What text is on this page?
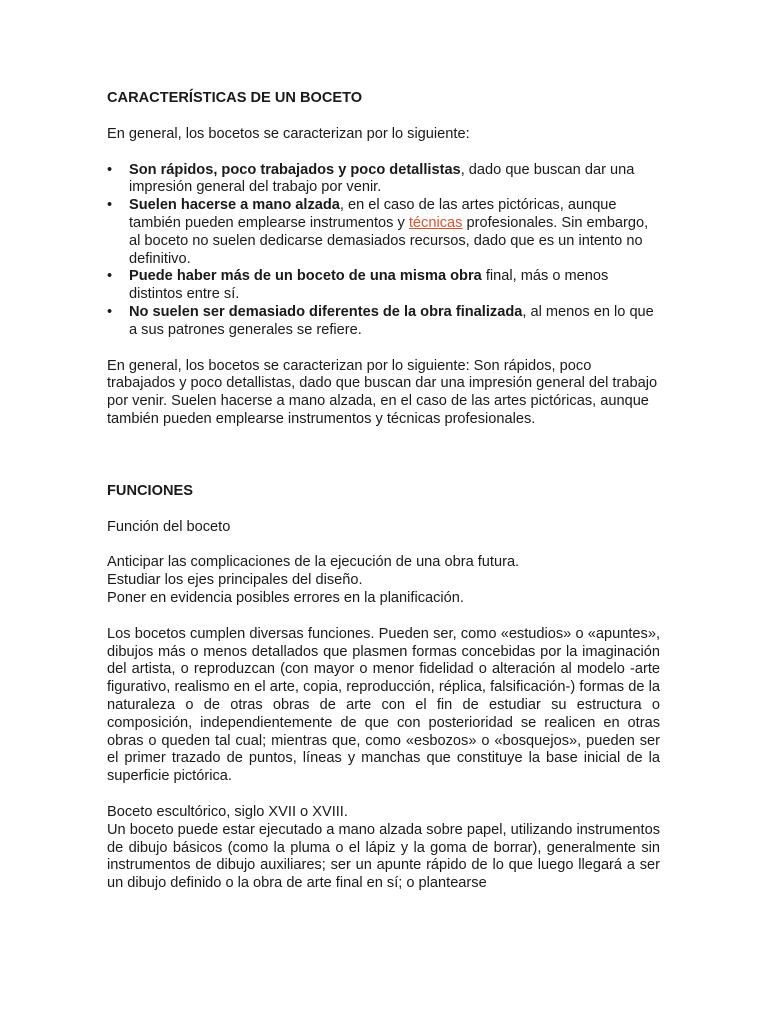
CARACTERÍSTICAS DE UN BOCETO

En general, los bocetos se caracterizan por lo siguiente:

• Son rápidos, poco trabajados y poco detallistas, dado que buscan dar una impresión general del trabajo por venir.
• Suelen hacerse a mano alzada, en el caso de las artes pictóricas, aunque también pueden emplearse instrumentos y técnicas profesionales. Sin embargo, al boceto no suelen dedicarse demasiados recursos, dado que es un intento no definitivo.
• Puede haber más de un boceto de una misma obra final, más o menos distintos entre sí.
• No suelen ser demasiado diferentes de la obra finalizada, al menos en lo que a sus patrones generales se refiere.

En general, los bocetos se caracterizan por lo siguiente: Son rápidos, poco trabajados y poco detallistas, dado que buscan dar una impresión general del trabajo por venir. Suelen hacerse a mano alzada, en el caso de las artes pictóricas, aunque también pueden emplearse instrumentos y técnicas profesionales.

FUNCIONES

Función del boceto

Anticipar las complicaciones de la ejecución de una obra futura.

Estudiar los ejes principales del diseño.

Poner en evidencia posibles errores en la planificación.

Los bocetos cumplen diversas funciones. Pueden ser, como «estudios» o «apuntes», dibujos más o menos detallados que plasmen formas concebidas por la imaginación del artista, o reproduzcan (con mayor o menor fidelidad o alteración al modelo -arte figurativo, realismo en el arte, copia, reproducción, réplica, falsificación-) formas de la naturaleza o de otras obras de arte con el fin de estudiar su estructura o composición, independientemente de que con posterioridad se realicen en otras obras o queden tal cual; mientras que, como «esbozos» o «bosquejos», pueden ser el primer trazado de puntos, líneas y manchas que constituye la base inicial de la superficie pictórica.

Boceto escultórico, siglo XVII o XVIII.

Un boceto puede estar ejecutado a mano alzada sobre papel, utilizando instrumentos de dibujo básicos (como la pluma o el lápiz y la goma de borrar), generalmente sin instrumentos de dibujo auxiliares; ser un apunte rápido de lo que luego llegará a ser un dibujo definido o la obra de arte final en sí; o plantearse
